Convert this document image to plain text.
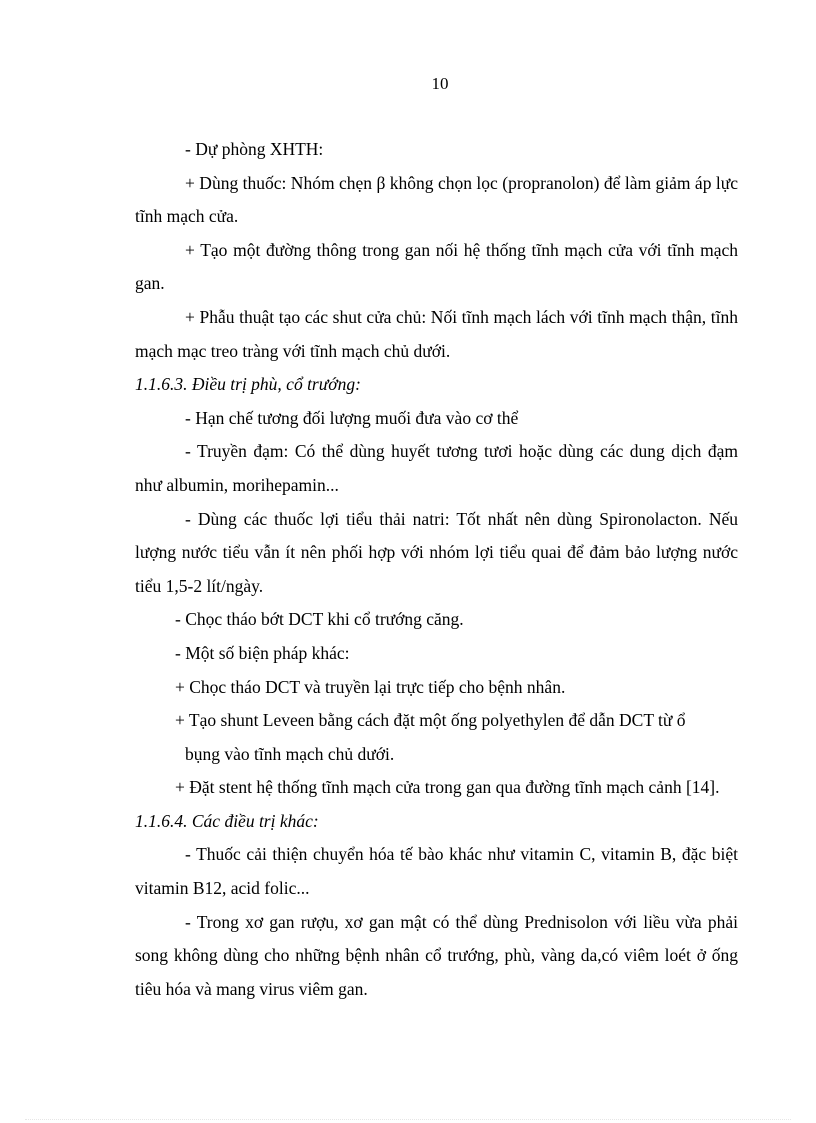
10

- Dự phòng XHTH:

+ Dùng thuốc: Nhóm chẹn β không chọn lọc (propranolon) để làm giảm áp lực tĩnh mạch cửa.

+ Tạo một đường thông trong gan nối hệ thống tĩnh mạch cửa với tĩnh mạch gan.

+ Phẫu thuật tạo các shut cửa chủ: Nối tĩnh mạch lách với tĩnh mạch thận, tĩnh mạch mạc treo tràng với tĩnh mạch chủ dưới.

1.1.6.3. Điều trị phù, cổ trướng:

- Hạn chế tương đối lượng muối đưa vào cơ thể

- Truyền đạm: Có thể dùng huyết tương tươi hoặc dùng các dung dịch đạm như albumin, morihepamin...

- Dùng các thuốc lợi tiểu thải natri: Tốt nhất nên dùng Spironolacton. Nếu lượng nước tiểu vẫn ít nên phối hợp với nhóm lợi tiểu quai để đảm bảo lượng nước tiểu 1,5-2 lít/ngày.

- Chọc tháo bớt DCT khi cổ trướng căng.

- Một số biện pháp khác:

+ Chọc tháo DCT và truyền lại trực tiếp cho bệnh nhân.

+ Tạo shunt Leveen bằng cách đặt một ống polyethylen để dẫn DCT từ ổ
bụng vào tĩnh mạch chủ dưới.

+ Đặt stent hệ thống tĩnh mạch cửa trong gan qua đường tĩnh mạch cảnh [14].

1.1.6.4. Các điều trị khác:

- Thuốc cải thiện chuyển hóa tế bào khác như vitamin C, vitamin B, đặc biệt vitamin B12, acid folic...

- Trong xơ gan rượu, xơ gan mật có thể dùng Prednisolon với liều vừa phải song không dùng cho những bệnh nhân cổ trướng, phù, vàng da,có viêm loét ở ống tiêu hóa và mang virus viêm gan.
